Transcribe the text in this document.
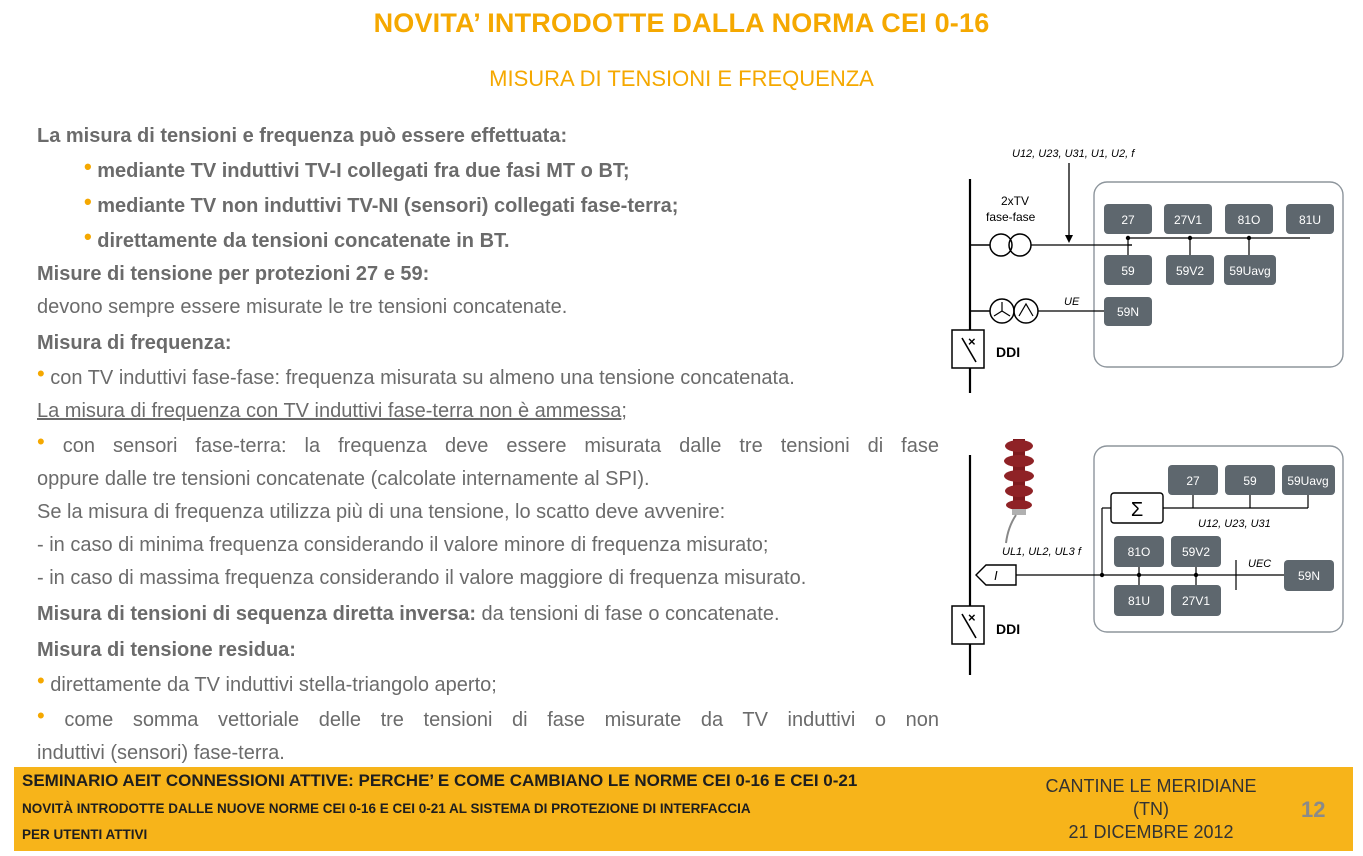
NOVITA’ INTRODOTTE DALLA NORMA CEI 0-16
MISURA DI TENSIONI E FREQUENZA
La misura di tensioni e frequenza può essere effettuata:
• mediante TV induttivi TV-I collegati fra due fasi MT o BT;
• mediante TV non induttivi TV-NI (sensori) collegati fase-terra;
• direttamente da tensioni concatenate in BT.
Misure di tensione per protezioni 27 e 59:
devono sempre essere misurate le tre tensioni concatenate.
Misura di frequenza:
• con TV induttivi fase-fase: frequenza misurata su almeno una tensione concatenata.
La misura di frequenza con TV induttivi fase-terra non è ammessa;
• con sensori fase-terra: la frequenza deve essere misurata dalle tre tensioni di fase
oppure dalle tre tensioni concatenate (calcolate internamente al SPI).
Se la misura di frequenza utilizza più di una tensione, lo scatto deve avvenire:
- in caso di minima frequenza considerando il valore minore di frequenza misurato;
- in caso di massima frequenza considerando il valore maggiore di frequenza misurato.
Misura di tensioni di sequenza diretta inversa: da tensioni di fase o concatenate.
Misura di tensione residua:
• direttamente da TV induttivi stella-triangolo aperto;
• come somma vettoriale delle tre tensioni di fase misurate da TV induttivi o non
induttivi (sensori) fase-terra.
U12, U23, U31, U1, U2, f
2xTV
fase-fase	27	27V1	81O	81U
59	59V2 59Uavg
UE
59N
×
DDI
UL1, UL2, UL3 f
I
27	59	59Uavg
Σ
U12, U23, U31
81O	59V2
81U	27V1
UEC
59N
×
DDI
SEMINARIO AEIT CONNESSIONI ATTIVE: PERCHE’ E COME CAMBIANO LE NORME CEI 0-16 E CEI 0-21
NOVITÀ INTRODOTTE DALLE NUOVE NORME CEI 0-16 E CEI 0-21 AL SISTEMA DI PROTEZIONE DI INTERFACCIA
PER UTENTI ATTIVI
CANTINE LE MERIDIANE
(TN)
21 DICEMBRE 2012
12
